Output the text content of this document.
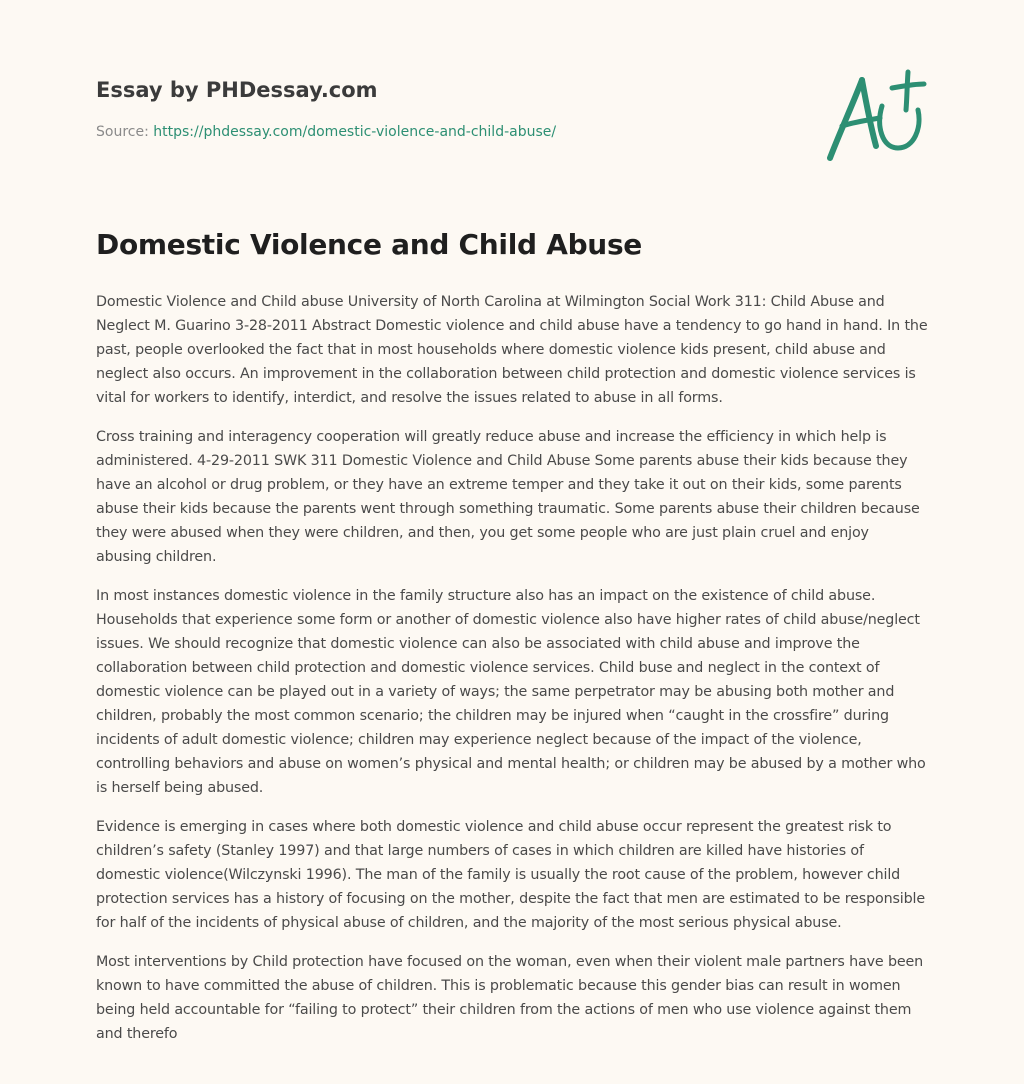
Essay by PHDessay.com
Source: https://phdessay.com/domestic-violence-and-child-abuse/
Domestic Violence and Child Abuse

Domestic Violence and Child abuse University of North Carolina at Wilmington Social Work 311: Child Abuse and Neglect M. Guarino 3-28-2011 Abstract Domestic violence and child abuse have a tendency to go hand in hand. In the past, people overlooked the fact that in most households where domestic violence kids present, child abuse and neglect also occurs. An improvement in the collaboration between child protection and domestic violence services is vital for workers to identify, interdict, and resolve the issues related to abuse in all forms.

Cross training and interagency cooperation will greatly reduce abuse and increase the efficiency in which help is administered. 4-29-2011 SWK 311 Domestic Violence and Child Abuse Some parents abuse their kids because they have an alcohol or drug problem, or they have an extreme temper and they take it out on their kids, some parents abuse their kids because the parents went through something traumatic. Some parents abuse their children because they were abused when they were children, and then, you get some people who are just plain cruel and enjoy abusing children.

In most instances domestic violence in the family structure also has an impact on the existence of child abuse. Households that experience some form or another of domestic violence also have higher rates of child abuse/neglect issues. We should recognize that domestic violence can also be associated with child abuse and improve the collaboration between child protection and domestic violence services. Child buse and neglect in the context of domestic violence can be played out in a variety of ways; the same perpetrator may be abusing both mother and children, probably the most common scenario; the children may be injured when “caught in the crossfire” during incidents of adult domestic violence; children may experience neglect because of the impact of the violence, controlling behaviors and abuse on women’s physical and mental health; or children may be abused by a mother who is herself being abused.

Evidence is emerging in cases where both domestic violence and child abuse occur represent the greatest risk to children’s safety (Stanley 1997) and that large numbers of cases in which children are killed have histories of domestic violence(Wilczynski 1996). The man of the family is usually the root cause of the problem, however child protection services has a history of focusing on the mother, despite the fact that men are estimated to be responsible for half of the incidents of physical abuse of children, and the majority of the most serious physical abuse.

Most interventions by Child protection have focused on the woman, even when their violent male partners have been known to have committed the abuse of children. This is problematic because this gender bias can result in women being held accountable for “failing to protect” their children from the actions of men who use violence against them and therefo
